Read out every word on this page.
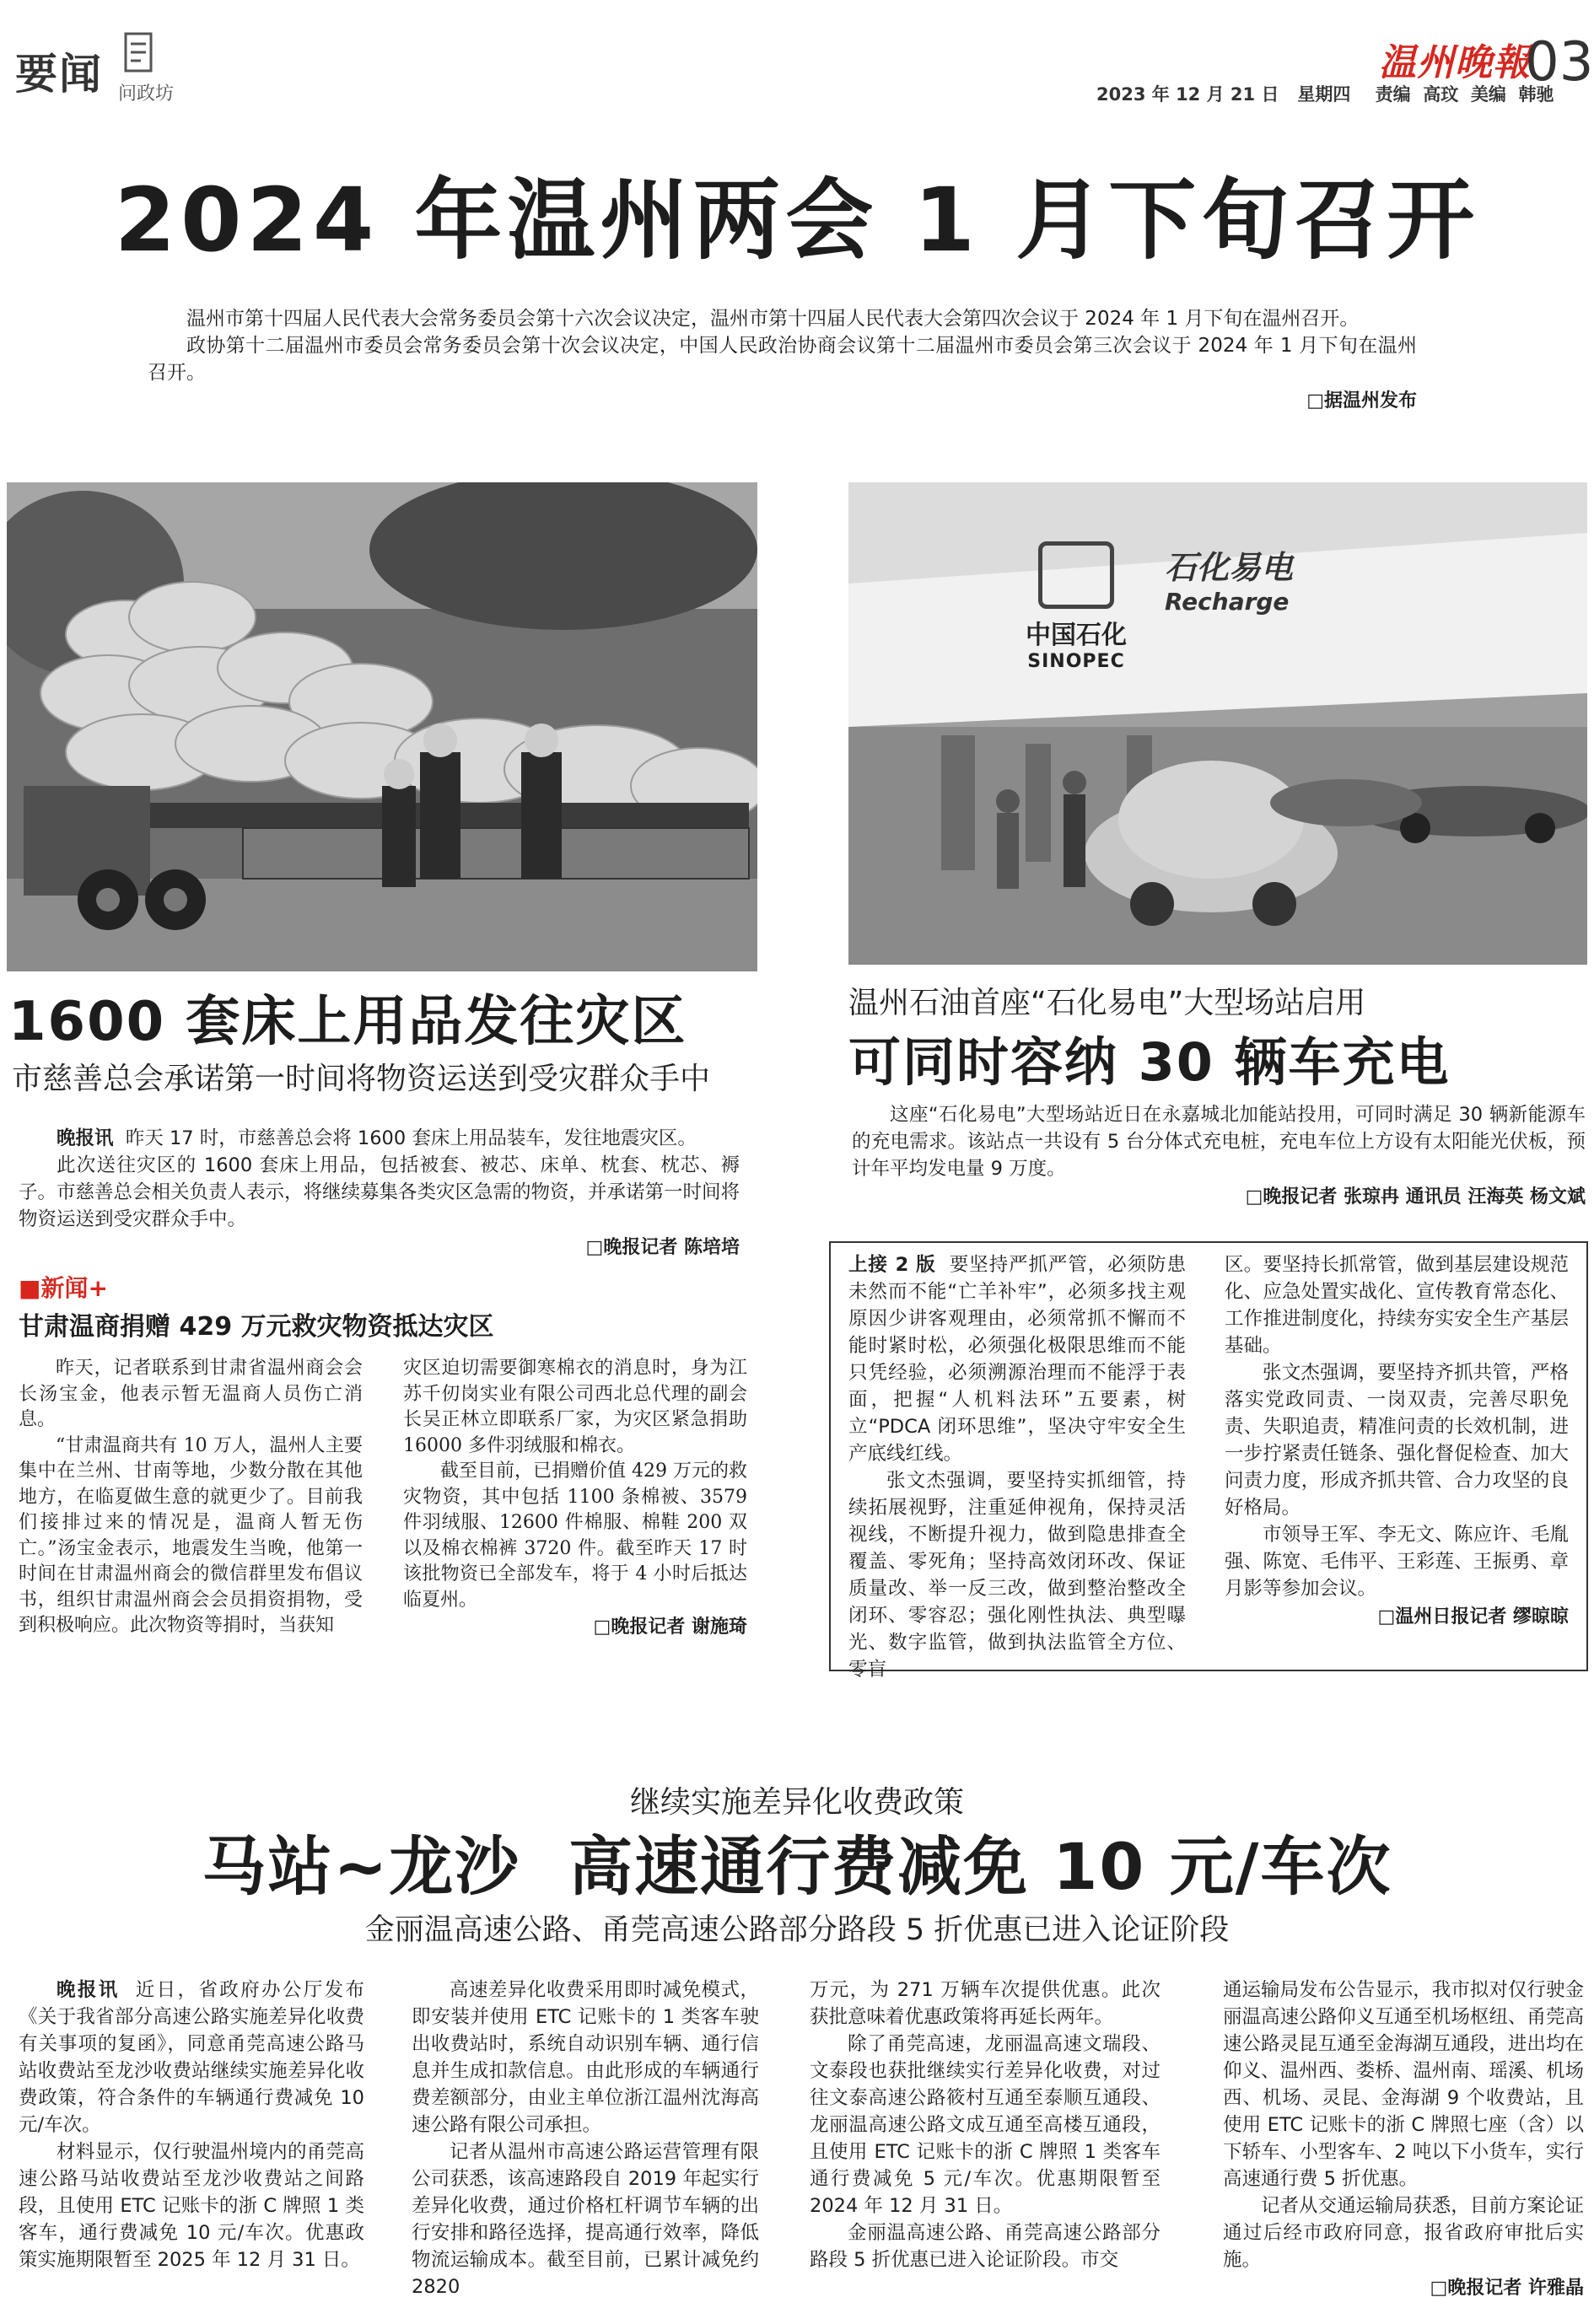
要闻 问政坊
温州晚報
03
2023 年 12 月 21 日   星期四    责编  高玟  美编  韩驰
2024 年温州两会 1 月下旬召开

温州市第十四届人民代表大会常务委员会第十六次会议决定，温州市第十四届人民代表大会第四次会议于 2024 年 1 月下旬在温州召开。

政协第十二届温州市委员会常务委员会第十次会议决定，中国人民政治协商会议第十二届温州市委员会第三次会议于 2024 年 1 月下旬在温州召开。

□据温州发布
中国石化
SINOPEC
石化易电
Recharge
1600 套床上用品发往灾区
市慈善总会承诺第一时间将物资运送到受灾群众手中

晚报讯 昨天 17 时，市慈善总会将 1600 套床上用品装车，发往地震灾区。

此次送往灾区的 1600 套床上用品，包括被套、被芯、床单、枕套、枕芯、褥子。市慈善总会相关负责人表示，将继续募集各类灾区急需的物资，并承诺第一时间将物资运送到受灾群众手中。

□晚报记者 陈培培
■新闻+
甘肃温商捐赠 429 万元救灾物资抵达灾区

昨天，记者联系到甘肃省温州商会会长汤宝金，他表示暂无温商人员伤亡消息。

“甘肃温商共有 10 万人，温州人主要集中在兰州、甘南等地，少数分散在其他地方，在临夏做生意的就更少了。目前我们接排过来的情况是，温商人暂无伤亡。”汤宝金表示，地震发生当晚，他第一时间在甘肃温州商会的微信群里发布倡议书，组织甘肃温州商会会员捐资捐物，受到积极响应。此次物资等捐时，当获知

灾区迫切需要御寒棉衣的消息时，身为江苏千仞岗实业有限公司西北总代理的副会长吴正林立即联系厂家，为灾区紧急捐助 16000 多件羽绒服和棉衣。

截至目前，已捐赠价值 429 万元的救灾物资，其中包括 1100 条棉被、3579 件羽绒服、12600 件棉服、棉鞋 200 双以及棉衣棉裤 3720 件。截至昨天 17 时该批物资已全部发车，将于 4 小时后抵达临夏州。

□晚报记者 谢施琦
温州石油首座“石化易电”大型场站启用
可同时容纳 30 辆车充电

这座“石化易电”大型场站近日在永嘉城北加能站投用，可同时满足 30 辆新能源车的充电需求。该站点一共设有 5 台分体式充电桩，充电车位上方设有太阳能光伏板，预计年平均发电量 9 万度。

□晚报记者 张琼冉 通讯员 汪海英 杨文斌

上接 2 版 要坚持严抓严管，必须防患未然而不能“亡羊补牢”，必须多找主观原因少讲客观理由，必须常抓不懈而不能时紧时松，必须强化极限思维而不能只凭经验，必须溯源治理而不能浮于表面，把握“人机料法环”五要素，树立“PDCA 闭环思维”，坚决守牢安全生产底线红线。

张文杰强调，要坚持实抓细管，持续拓展视野，注重延伸视角，保持灵活视线，不断提升视力，做到隐患排查全覆盖、零死角；坚持高效闭环改、保证质量改、举一反三改，做到整治整改全闭环、零容忍；强化刚性执法、典型曝光、数字监管，做到执法监管全方位、零盲

区。要坚持长抓常管，做到基层建设规范化、应急处置实战化、宣传教育常态化、工作推进制度化，持续夯实安全生产基层基础。

张文杰强调，要坚持齐抓共管，严格落实党政同责、一岗双责，完善尽职免责、失职追责，精准问责的长效机制，进一步拧紧责任链条、强化督促检查、加大问责力度，形成齐抓共管、合力攻坚的良好格局。

市领导王军、李无文、陈应许、毛胤强、陈宽、毛伟平、王彩莲、王振勇、章月影等参加会议。

□温州日报记者 缪晾晾
继续实施差异化收费政策
马站~龙沙  高速通行费减免 10 元/车次
金丽温高速公路、甬莞高速公路部分路段 5 折优惠已进入论证阶段

晚报讯 近日，省政府办公厅发布《关于我省部分高速公路实施差异化收费有关事项的复函》，同意甬莞高速公路马站收费站至龙沙收费站继续实施差异化收费政策，符合条件的车辆通行费减免 10 元/车次。

材料显示，仅行驶温州境内的甬莞高速公路马站收费站至龙沙收费站之间路段，且使用 ETC 记账卡的浙 C 牌照 1 类客车，通行费减免 10 元/车次。优惠政策实施期限暂至 2025 年 12 月 31 日。

高速差异化收费采用即时减免模式，即安装并使用 ETC 记账卡的 1 类客车驶出收费站时，系统自动识别车辆、通行信息并生成扣款信息。由此形成的车辆通行费差额部分，由业主单位浙江温州沈海高速公路有限公司承担。

记者从温州市高速公路运营管理有限公司获悉，该高速路段自 2019 年起实行差异化收费，通过价格杠杆调节车辆的出行安排和路径选择，提高通行效率，降低物流运输成本。截至目前，已累计减免约 2820

万元，为 271 万辆车次提供优惠。此次获批意味着优惠政策将再延长两年。

除了甬莞高速，龙丽温高速文瑞段、文泰段也获批继续实行差异化收费，对过往文泰高速公路筱村互通至泰顺互通段、龙丽温高速公路文成互通至高楼互通段，且使用 ETC 记账卡的浙 C 牌照 1 类客车通行费减免 5 元/车次。优惠期限暂至 2024 年 12 月 31 日。

金丽温高速公路、甬莞高速公路部分路段 5 折优惠已进入论证阶段。市交

通运输局发布公告显示，我市拟对仅行驶金丽温高速公路仰义互通至机场枢纽、甬莞高速公路灵昆互通至金海湖互通段，进出均在仰义、温州西、娄桥、温州南、瑶溪、机场西、机场、灵昆、金海湖 9 个收费站，且使用 ETC 记账卡的浙 C 牌照七座（含）以下轿车、小型客车、2 吨以下小货车，实行高速通行费 5 折优惠。

记者从交通运输局获悉，目前方案论证通过后经市政府同意，报省政府审批后实施。

□晚报记者 许雅晶
